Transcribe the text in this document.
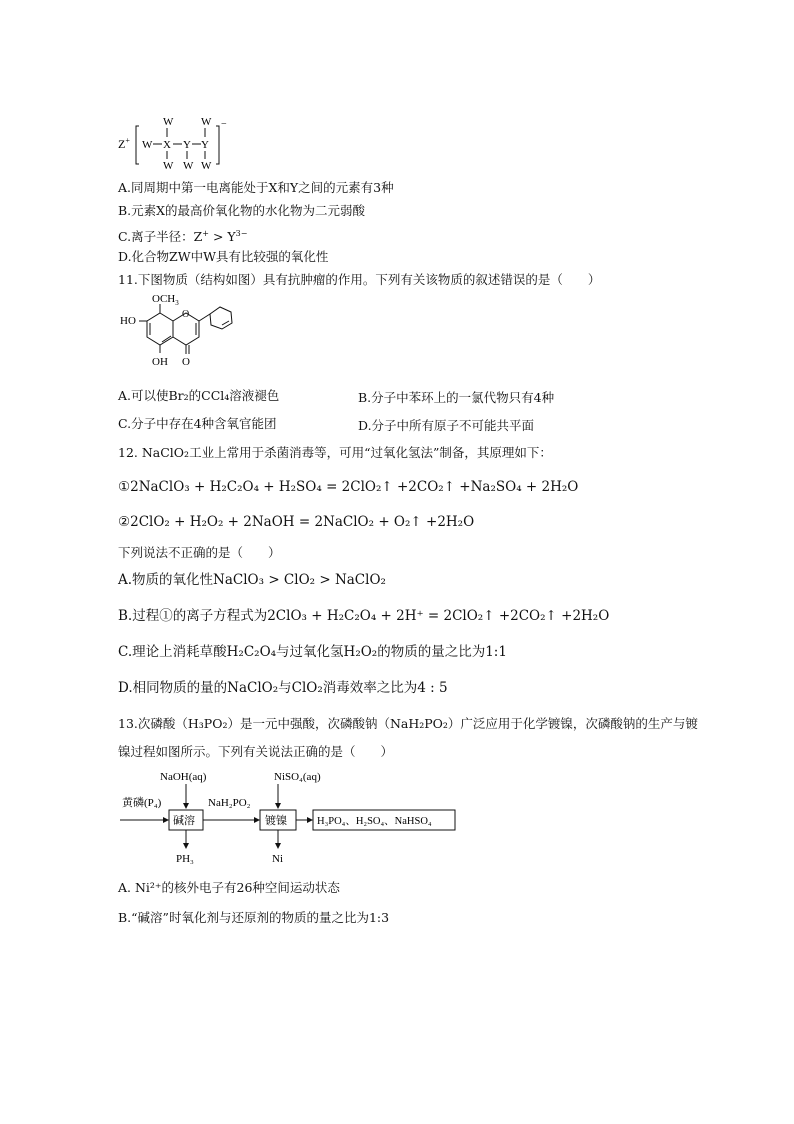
Z+
−
W X
W
W
Y
W
Y
W
W
A.同周期中第一电离能处于X和Y之间的元素有3种
B.元素X的最高价氧化物的水化物为二元弱酸
C.离子半径：$Z^+ > Y^{3-}$
D.化合物ZW中W具有比较强的氧化性
11.下图物质（结构如图）具有抗肿瘤的作用。下列有关该物质的叙述错误的是（　　）
$OCH_3$
HO
O
O
OH
A.可以使Br₂的CCl₄溶液褪色	B.分子中苯环上的一氯代物只有4种
C.分子中存在4种含氧官能团	D.分子中所有原子不可能共平面
12. NaClO₂工业上常用于杀菌消毒等，可用“过氧化氢法”制备，其原理如下：
①2NaClO₃ + H₂C₂O₄ + H₂SO₄ = 2ClO₂↑ +2CO₂↑ +Na₂SO₄ + 2H₂O
②2ClO₂ + H₂O₂ + 2NaOH = 2NaClO₂ + O₂↑ +2H₂O
下列说法不正确的是（　　）
A.物质的氧化性NaClO₃ > ClO₂ > NaClO₂
B.过程①的离子方程式为2ClO₃ + H₂C₂O₄ + 2H⁺ = 2ClO₂↑ +2CO₂↑ +2H₂O
C.理论上消耗草酸H₂C₂O₄与过氧化氢H₂O₂的物质的量之比为1:1
D.相同物质的量的NaClO₂与ClO₂消毒效率之比为4 : 5
13.次磷酸（H₃PO₂）是一元中强酸，次磷酸钠（NaH₂PO₂）广泛应用于化学镀镍，次磷酸钠的生产与镀
镍过程如图所示。下列有关说法正确的是（　　）
NaOH(aq)	NiSO₄(aq)
黄磷(P₄)
碱溶
NaH₂PO₂
镀镍	H₃PO₄、H₂SO₄、NaHSO₄
PH₃	Ni
A. Ni²⁺的核外电子有26种空间运动状态
B.“碱溶”时氧化剂与还原剂的物质的量之比为1:3
